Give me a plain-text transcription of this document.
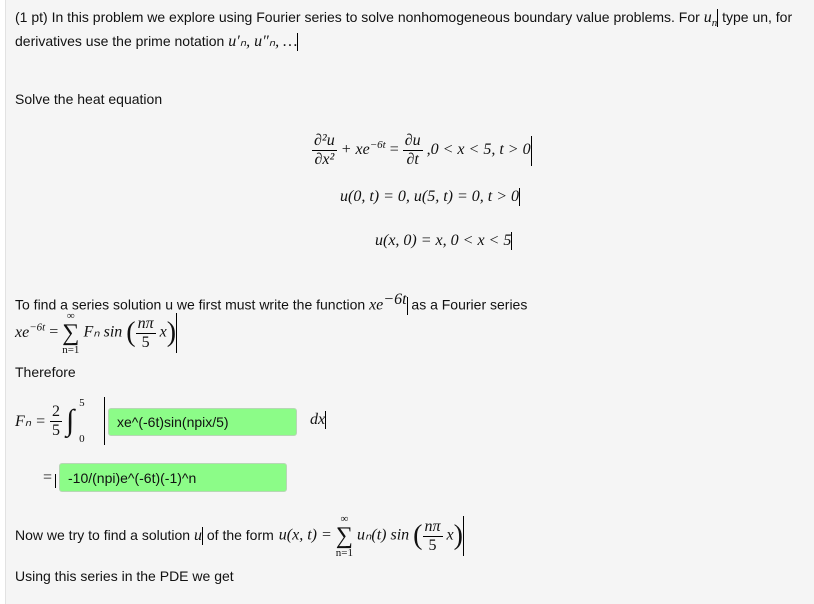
(1 pt) In this problem we explore using Fourier series to solve nonhomogeneous boundary value problems. For $u_n$ type un, for
derivatives use the prime notation u′ₙ, u″ₙ, …
Solve the heat equation
$\frac{\text{∂²u}}{\text{∂x²}} + xe^{-6t} = \frac{\partial u}{\partial t} ,0 < x < 5$, t > 0
u(0, t) = 0, u(5, t) = 0, t > 0
u(x, 0) = x, 0 < x < 5
To find a series solution u we first must write the function $xe^{-6t}$ as a Fourier series
$xe^{-6t}$ =
∞
∑
n=1
Fₙ sin ( $\frac{n\pi}{5} x$)
Therefore
$F_n = \frac{2}{5}$ ∫
5
0
xe^(-6t)sin(npix/5)	dx
=	-10/(npi)e^(-6t)(-1)^n
Now we try to find a solution u of the form u(x, t) =
∞
∑
n=1
uₙ(t) sin ( $\frac{n\pi}{5} x$)
Using this series in the PDE we get
